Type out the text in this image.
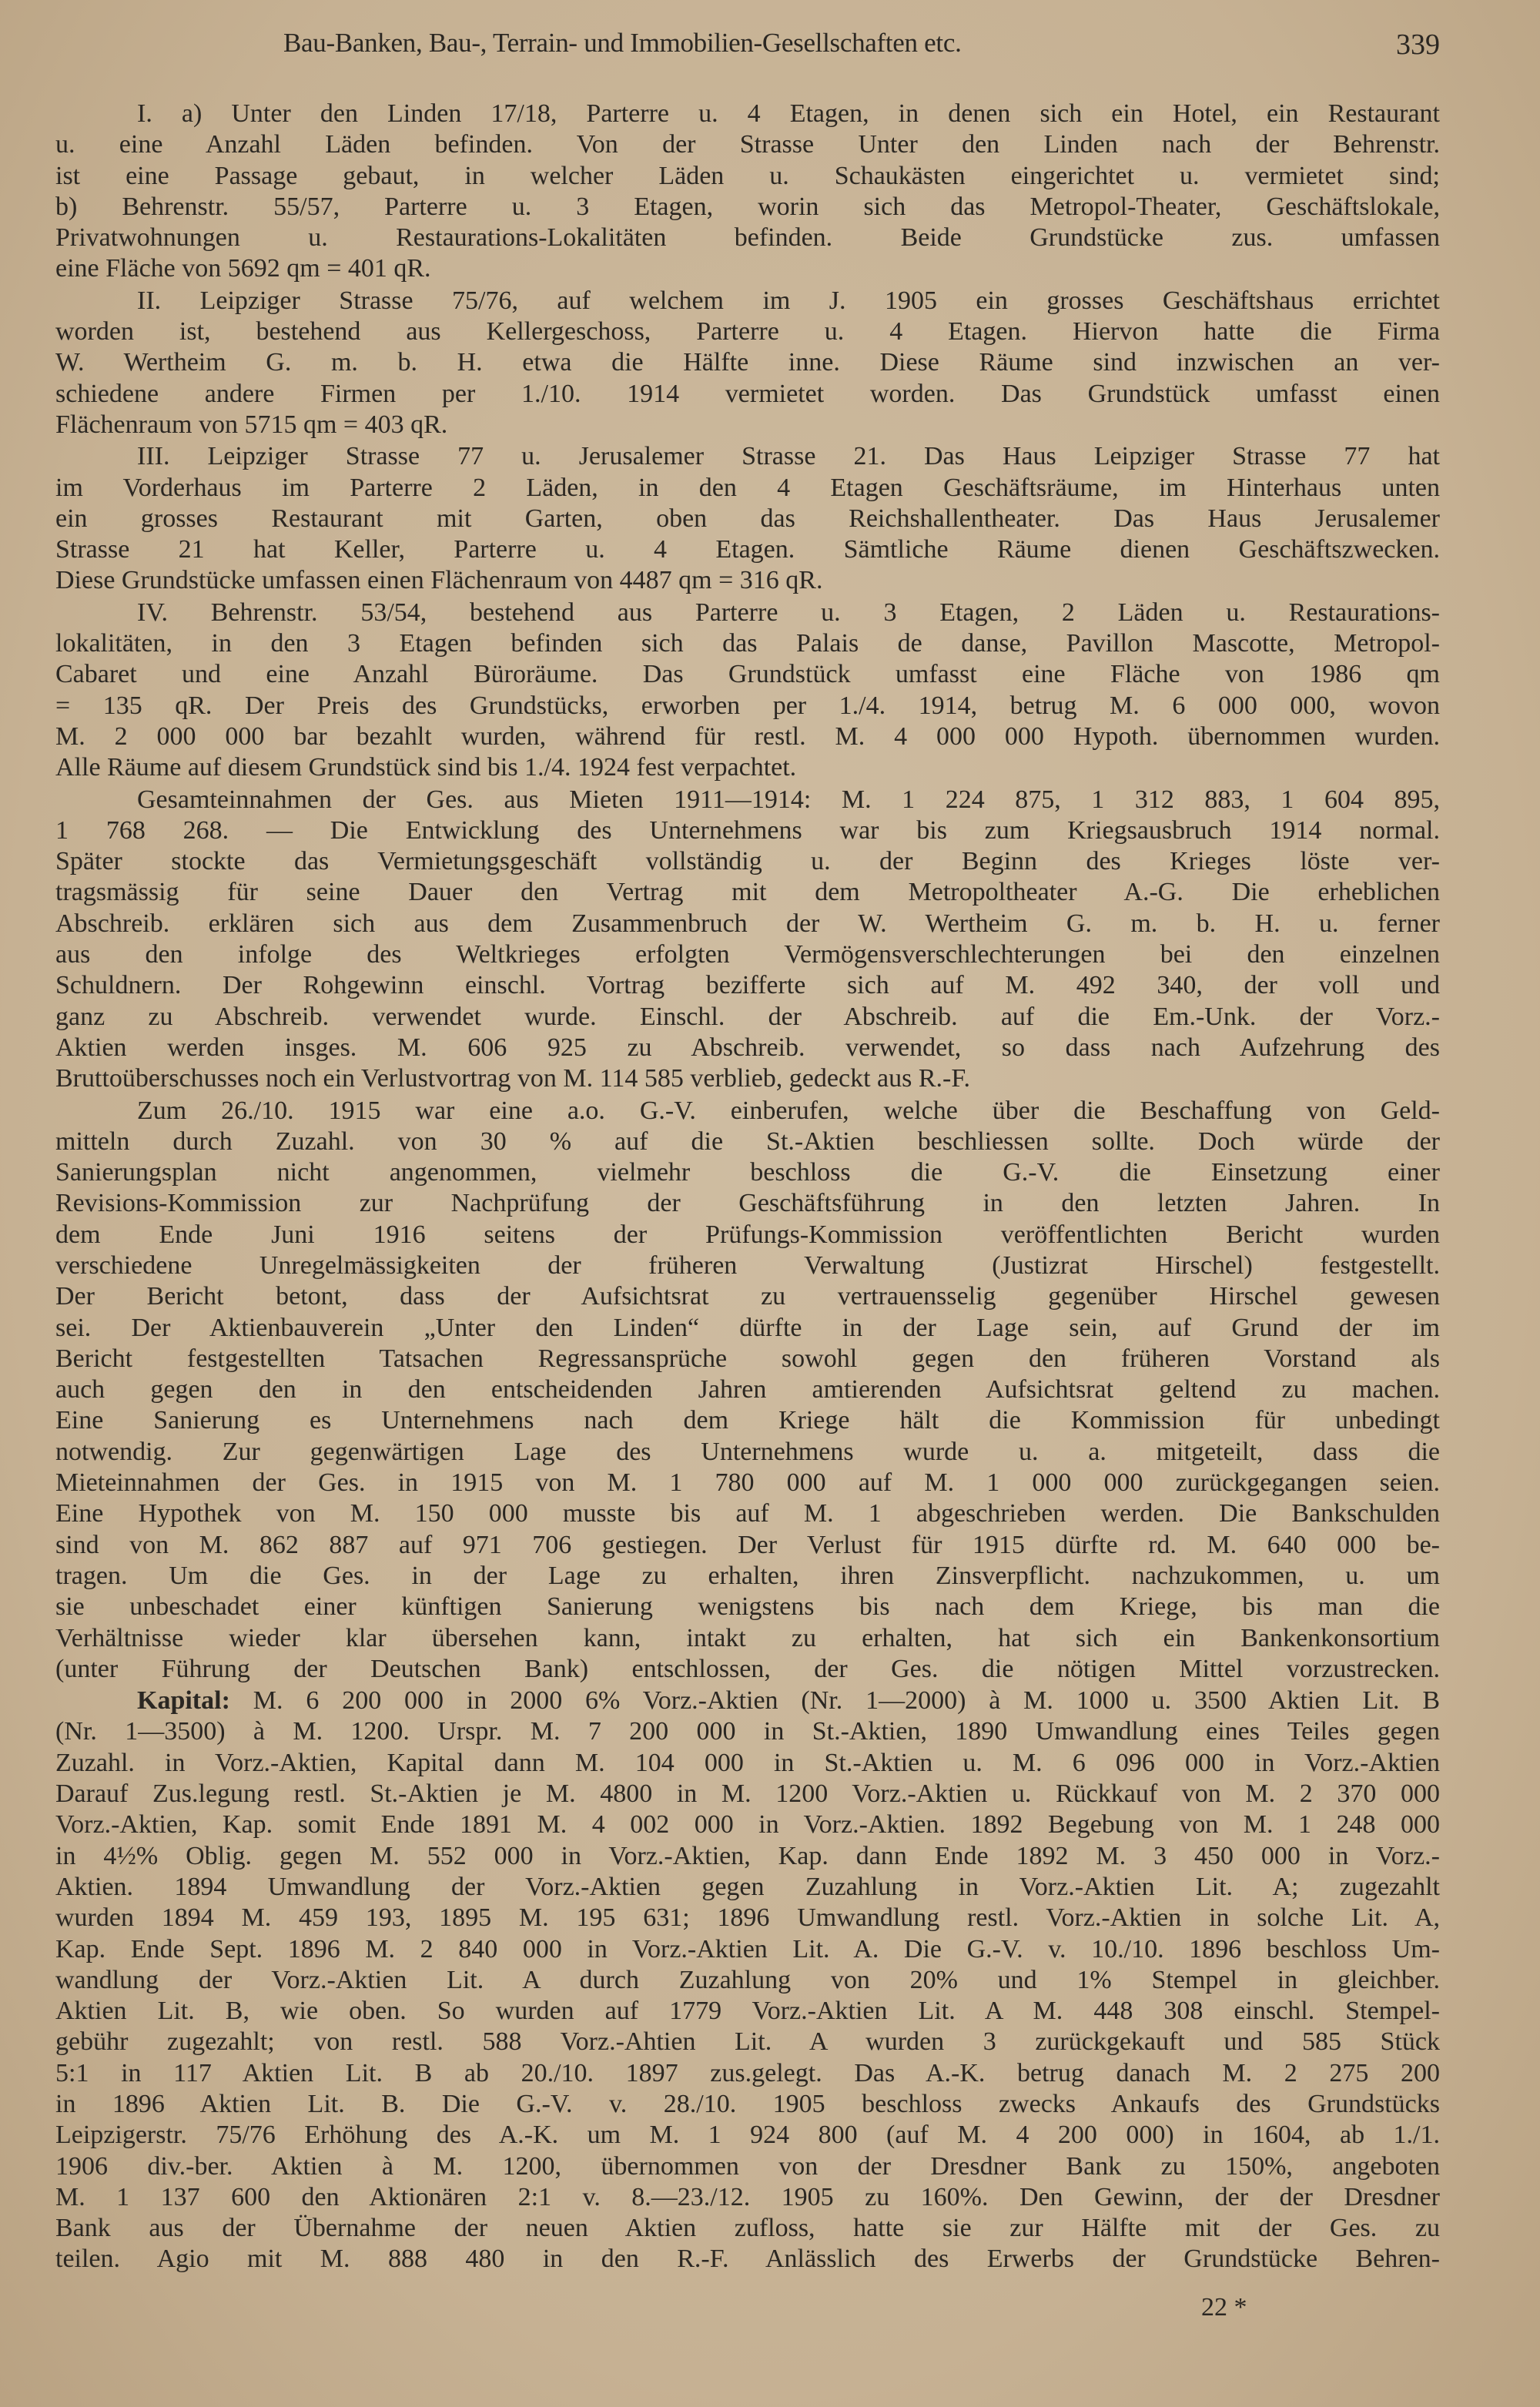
Bau-Banken, Bau-, Terrain- und Immobilien-Gesellschaften etc.	339
I. a) Unter den Linden 17/18, Parterre u. 4 Etagen, in denen sich ein Hotel, ein Restaurant
u. eine Anzahl Läden befinden. Von der Strasse Unter den Linden nach der Behrenstr.
ist eine Passage gebaut, in welcher Läden u. Schaukästen eingerichtet u. vermietet sind;
b) Behrenstr. 55/57, Parterre u. 3 Etagen, worin sich das Metropol-Theater, Geschäftslokale,
Privatwohnungen u. Restaurations-Lokalitäten befinden. Beide Grundstücke zus. umfassen
eine Fläche von 5692 qm = 401 qR.
II. Leipziger Strasse 75/76, auf welchem im J. 1905 ein grosses Geschäftshaus errichtet
worden ist, bestehend aus Kellergeschoss, Parterre u. 4 Etagen. Hiervon hatte die Firma
W. Wertheim G. m. b. H. etwa die Hälfte inne. Diese Räume sind inzwischen an ver-
schiedene andere Firmen per 1./10. 1914 vermietet worden. Das Grundstück umfasst einen
Flächenraum von 5715 qm = 403 qR.
III. Leipziger Strasse 77 u. Jerusalemer Strasse 21. Das Haus Leipziger Strasse 77 hat
im Vorderhaus im Parterre 2 Läden, in den 4 Etagen Geschäftsräume, im Hinterhaus unten
ein grosses Restaurant mit Garten, oben das Reichshallentheater. Das Haus Jerusalemer
Strasse 21 hat Keller, Parterre u. 4 Etagen. Sämtliche Räume dienen Geschäftszwecken.
Diese Grundstücke umfassen einen Flächenraum von 4487 qm = 316 qR.
IV. Behrenstr. 53/54, bestehend aus Parterre u. 3 Etagen, 2 Läden u. Restaurations-
lokalitäten, in den 3 Etagen befinden sich das Palais de danse, Pavillon Mascotte, Metropol-
Cabaret und eine Anzahl Büroräume. Das Grundstück umfasst eine Fläche von 1986 qm
= 135 qR. Der Preis des Grundstücks, erworben per 1./4. 1914, betrug M. 6 000 000, wovon
M. 2 000 000 bar bezahlt wurden, während für restl. M. 4 000 000 Hypoth. übernommen wurden.
Alle Räume auf diesem Grundstück sind bis 1./4. 1924 fest verpachtet.
Gesamteinnahmen der Ges. aus Mieten 1911—1914: M. 1 224 875, 1 312 883, 1 604 895,
1 768 268. — Die Entwicklung des Unternehmens war bis zum Kriegsausbruch 1914 normal.
Später stockte das Vermietungsgeschäft vollständig u. der Beginn des Krieges löste ver-
tragsmässig für seine Dauer den Vertrag mit dem Metropoltheater A.-G. Die erheblichen
Abschreib. erklären sich aus dem Zusammenbruch der W. Wertheim G. m. b. H. u. ferner
aus den infolge des Weltkrieges erfolgten Vermögensverschlechterungen bei den einzelnen
Schuldnern. Der Rohgewinn einschl. Vortrag bezifferte sich auf M. 492 340, der voll und
ganz zu Abschreib. verwendet wurde. Einschl. der Abschreib. auf die Em.-Unk. der Vorz.-
Aktien werden insges. M. 606 925 zu Abschreib. verwendet, so dass nach Aufzehrung des
Bruttoüberschusses noch ein Verlustvortrag von M. 114 585 verblieb, gedeckt aus R.-F.
Zum 26./10. 1915 war eine a.o. G.-V. einberufen, welche über die Beschaffung von Geld-
mitteln durch Zuzahl. von 30 % auf die St.-Aktien beschliessen sollte. Doch würde der
Sanierungsplan nicht angenommen, vielmehr beschloss die G.-V. die Einsetzung einer
Revisions-Kommission zur Nachprüfung der Geschäftsführung in den letzten Jahren. In
dem Ende Juni 1916 seitens der Prüfungs-Kommission veröffentlichten Bericht wurden
verschiedene Unregelmässigkeiten der früheren Verwaltung (Justizrat Hirschel) festgestellt.
Der Bericht betont, dass der Aufsichtsrat zu vertrauensselig gegenüber Hirschel gewesen
sei. Der Aktienbauverein „Unter den Linden“ dürfte in der Lage sein, auf Grund der im
Bericht festgestellten Tatsachen Regressansprüche sowohl gegen den früheren Vorstand als
auch gegen den in den entscheidenden Jahren amtierenden Aufsichtsrat geltend zu machen.
Eine Sanierung es Unternehmens nach dem Kriege hält die Kommission für unbedingt
notwendig. Zur gegenwärtigen Lage des Unternehmens wurde u. a. mitgeteilt, dass die
Mieteinnahmen der Ges. in 1915 von M. 1 780 000 auf M. 1 000 000 zurückgegangen seien.
Eine Hypothek von M. 150 000 musste bis auf M. 1 abgeschrieben werden. Die Bankschulden
sind von M. 862 887 auf 971 706 gestiegen. Der Verlust für 1915 dürfte rd. M. 640 000 be-
tragen. Um die Ges. in der Lage zu erhalten, ihren Zinsverpflicht. nachzukommen, u. um
sie unbeschadet einer künftigen Sanierung wenigstens bis nach dem Kriege, bis man die
Verhältnisse wieder klar übersehen kann, intakt zu erhalten, hat sich ein Bankenkonsortium
(unter Führung der Deutschen Bank) entschlossen, der Ges. die nötigen Mittel vorzustrecken.
Kapital: M. 6 200 000 in 2000 6% Vorz.-Aktien (Nr. 1—2000) à M. 1000 u. 3500 Aktien Lit. B
(Nr. 1—3500) à M. 1200. Urspr. M. 7 200 000 in St.-Aktien, 1890 Umwandlung eines Teiles gegen
Zuzahl. in Vorz.-Aktien, Kapital dann M. 104 000 in St.-Aktien u. M. 6 096 000 in Vorz.-Aktien
Darauf Zus.legung restl. St.-Aktien je M. 4800 in M. 1200 Vorz.-Aktien u. Rückkauf von M. 2 370 000
Vorz.-Aktien, Kap. somit Ende 1891 M. 4 002 000 in Vorz.-Aktien. 1892 Begebung von M. 1 248 000
in 4½% Oblig. gegen M. 552 000 in Vorz.-Aktien, Kap. dann Ende 1892 M. 3 450 000 in Vorz.-
Aktien. 1894 Umwandlung der Vorz.-Aktien gegen Zuzahlung in Vorz.-Aktien Lit. A; zugezahlt
wurden 1894 M. 459 193, 1895 M. 195 631; 1896 Umwandlung restl. Vorz.-Aktien in solche Lit. A,
Kap. Ende Sept. 1896 M. 2 840 000 in Vorz.-Aktien Lit. A. Die G.-V. v. 10./10. 1896 beschloss Um-
wandlung der Vorz.-Aktien Lit. A durch Zuzahlung von 20% und 1% Stempel in gleichber.
Aktien Lit. B, wie oben. So wurden auf 1779 Vorz.-Aktien Lit. A M. 448 308 einschl. Stempel-
gebühr zugezahlt; von restl. 588 Vorz.-Ahtien Lit. A wurden 3 zurückgekauft und 585 Stück
5:1 in 117 Aktien Lit. B ab 20./10. 1897 zus.gelegt. Das A.-K. betrug danach M. 2 275 200
in 1896 Aktien Lit. B. Die G.-V. v. 28./10. 1905 beschloss zwecks Ankaufs des Grundstücks
Leipzigerstr. 75/76 Erhöhung des A.-K. um M. 1 924 800 (auf M. 4 200 000) in 1604, ab 1./1.
1906 div.-ber. Aktien à M. 1200, übernommen von der Dresdner Bank zu 150%, angeboten
M. 1 137 600 den Aktionären 2:1 v. 8.—23./12. 1905 zu 160%. Den Gewinn, der der Dresdner
Bank aus der Übernahme der neuen Aktien zufloss, hatte sie zur Hälfte mit der Ges. zu
teilen. Agio mit M. 888 480 in den R.-F. Anlässlich des Erwerbs der Grundstücke Behren-
22 *
